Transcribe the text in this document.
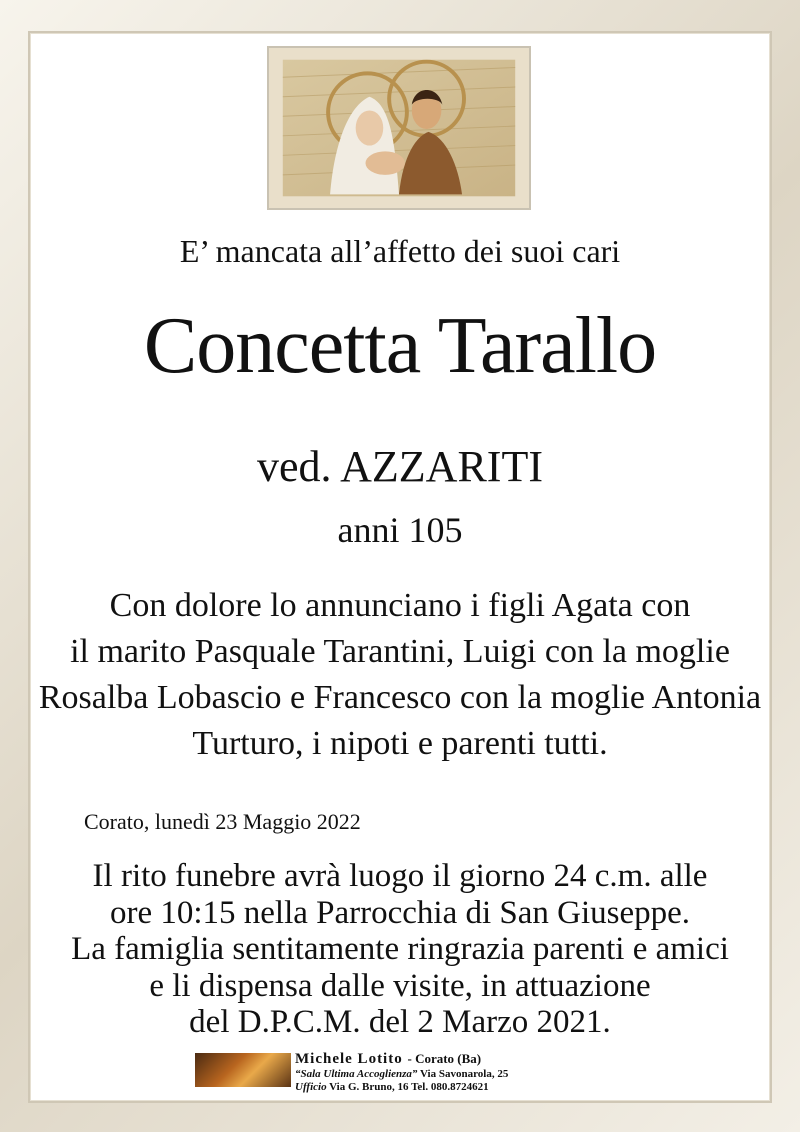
E’ mancata all’affetto dei suoi cari
Concetta Tarallo
ved. AZZARITI
anni 105
Con dolore lo annunciano i figli Agata con
il marito Pasquale Tarantini, Luigi con la moglie
Rosalba Lobascio e Francesco con la moglie Antonia
Turturo, i nipoti e parenti tutti.
Corato, lunedì 23 Maggio 2022
Il rito funebre avrà luogo il giorno 24 c.m. alle
ore 10:15 nella Parrocchia di San Giuseppe.
La famiglia sentitamente ringrazia parenti e amici
e li dispensa dalle visite, in attuazione
del D.P.C.M. del 2 Marzo 2021.
Michele Lotito - Corato (Ba)
“Sala Ultima Accoglienza” Via Savonarola, 25
Ufficio Via G. Bruno, 16 Tel. 080.8724621
